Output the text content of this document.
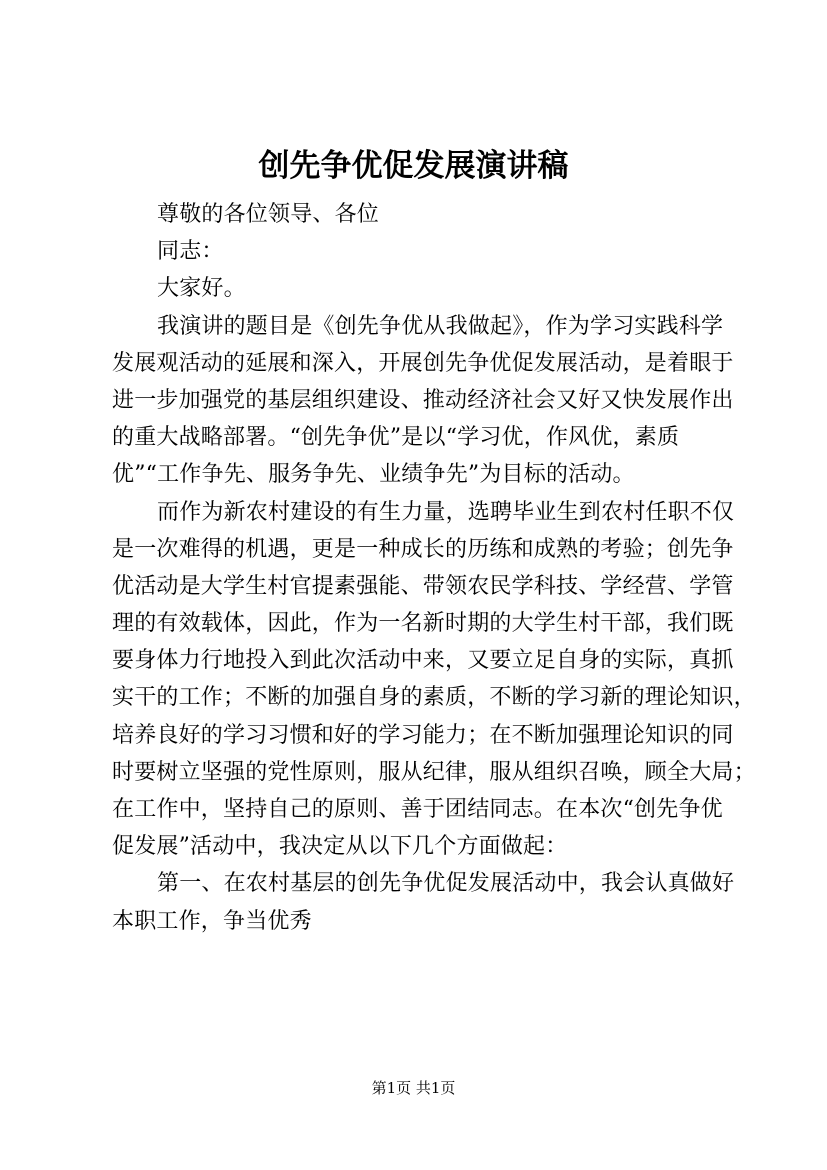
创先争优促发展演讲稿
尊敬的各位领导、各位
同志：
大家好。
我演讲的题目是《创先争优从我做起》，作为学习实践科学
发展观活动的延展和深入，开展创先争优促发展活动，是着眼于
进一步加强党的基层组织建设、推动经济社会又好又快发展作出
的重大战略部署。“创先争优”是以“学习优，作风优，素质
优”“工作争先、服务争先、业绩争先”为目标的活动。
而作为新农村建设的有生力量，选聘毕业生到农村任职不仅
是一次难得的机遇，更是一种成长的历练和成熟的考验；创先争
优活动是大学生村官提素强能、带领农民学科技、学经营、学管
理的有效载体，因此，作为一名新时期的大学生村干部，我们既
要身体力行地投入到此次活动中来，又要立足自身的实际，真抓
实干的工作；不断的加强自身的素质，不断的学习新的理论知识，
培养良好的学习习惯和好的学习能力；在不断加强理论知识的同
时要树立坚强的党性原则，服从纪律，服从组织召唤，顾全大局；
在工作中，坚持自己的原则、善于团结同志。在本次“创先争优
促发展”活动中，我决定从以下几个方面做起：
第一、在农村基层的创先争优促发展活动中，我会认真做好
本职工作，争当优秀
第1页 共1页
